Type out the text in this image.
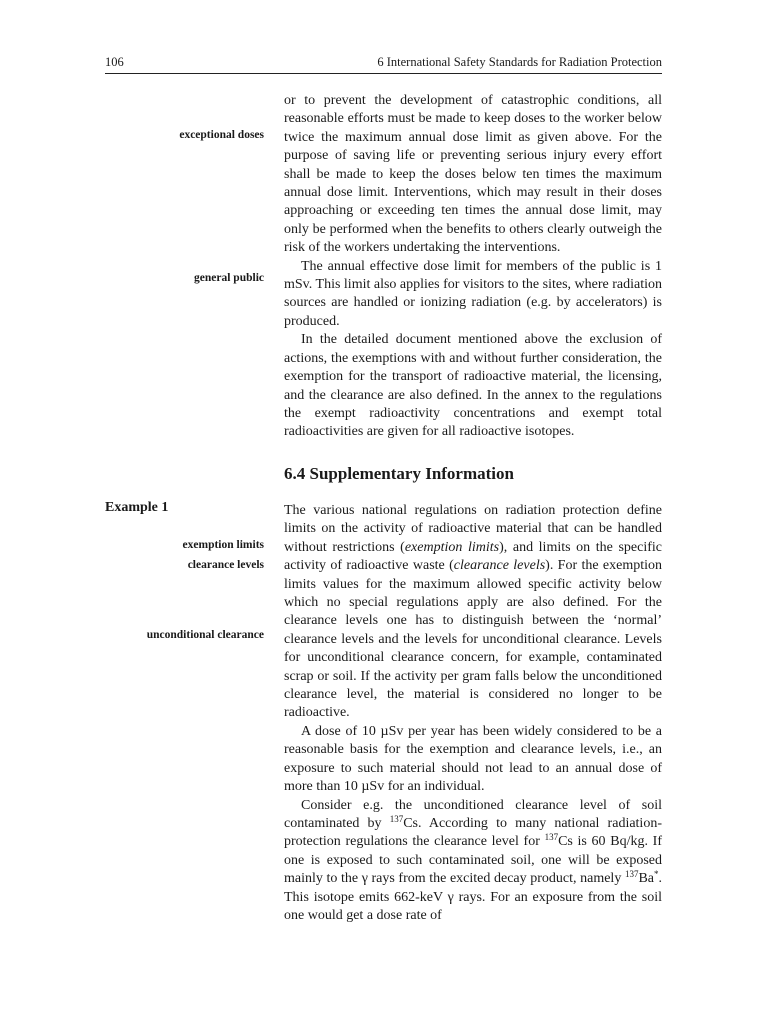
106	6 International Safety Standards for Radiation Protection
exceptional doses
general public
exemption limits
clearance levels
unconditional clearance

or to prevent the development of catastrophic conditions, all reasonable efforts must be made to keep doses to the worker below twice the maximum annual dose limit as given above. For the purpose of saving life or preventing serious injury every effort shall be made to keep the doses below ten times the maximum annual dose limit. Interventions, which may result in their doses approaching or exceeding ten times the annual dose limit, may only be performed when the benefits to others clearly outweigh the risk of the workers undertaking the interventions.

The annual effective dose limit for members of the public is 1 mSv. This limit also applies for visitors to the sites, where radiation sources are handled or ionizing radiation (e.g. by accelerators) is produced.

In the detailed document mentioned above the exclusion of actions, the exemptions with and without further consideration, the exemption for the transport of radioactive material, the licensing, and the clearance are also defined. In the annex to the regulations the exempt radioactivity concentrations and exempt total radioactivities are given for all radioactive isotopes.

6.4 Supplementary Information
Example 1	The various national regulations on radiation protection define limits on the activity of radioactive material that can be handled without restrictions (exemption limits), and limits on the specific activity of radioactive waste (clearance levels). For the exemption limits values for the maximum allowed specific activity below which no special regulations apply are also defined. For the clearance levels one has to distinguish between the ‘normal’ clearance levels and the levels for unconditional clearance. Levels for unconditional clearance concern, for example, contaminated scrap or soil. If the activity per gram falls below the unconditioned clearance level, the material is considered no longer to be radioactive.

A dose of 10 µSv per year has been widely considered to be a reasonable basis for the exemption and clearance levels, i.e., an exposure to such material should not lead to an annual dose of more than 10 µSv for an individual.

Consider e.g. the unconditioned clearance level of soil contaminated by $^{137}$Cs. According to many national radiation-protection regulations the clearance level for $^{137}$Cs is 60 Bq/kg. If one is exposed to such contaminated soil, one will be exposed mainly to the γ rays from the excited decay product, namely $^{137}$Ba*. This isotope emits 662-keV γ rays. For an exposure from the soil one would get a dose rate of
